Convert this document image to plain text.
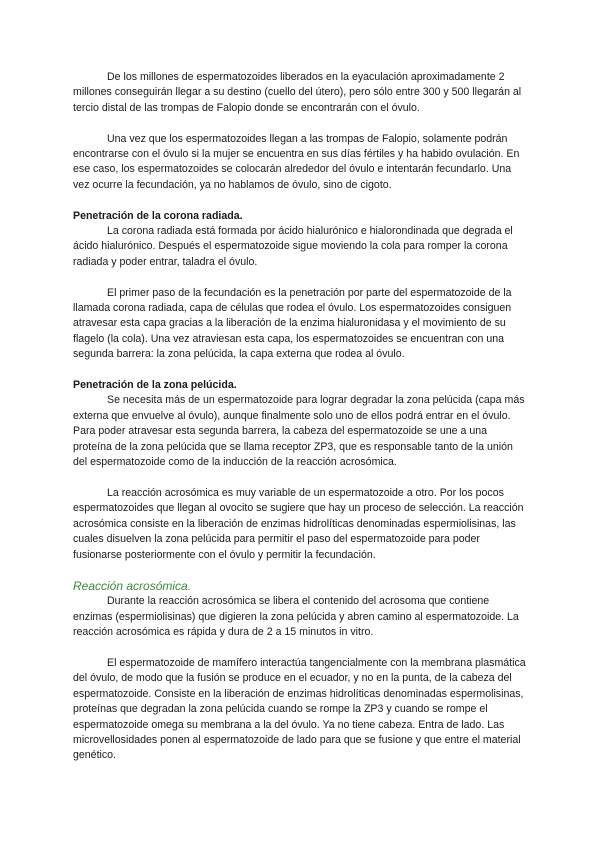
De los millones de espermatozoides liberados en la eyaculación aproximadamente 2 millones conseguirán llegar a su destino (cuello del útero), pero sólo entre 300 y 500 llegarán al tercio distal de las trompas de Falopio donde se encontrarán con el óvulo.

Una vez que los espermatozoides llegan a las trompas de Falopio, solamente podrán encontrarse con el óvulo si la mujer se encuentra en sus días fértiles y ha habido ovulación. En ese caso, los espermatozoides se colocarán alrededor del óvulo e intentarán fecundarlo. Una vez ocurre la fecundación, ya no hablamos de óvulo, sino de cigoto.

Penetración de la corona radiada.

La corona radiada está formada por ácido hialurónico e hialorondinada que degrada el ácido hialurónico. Después el espermatozoide sigue moviendo la cola para romper la corona radiada y poder entrar, taladra el óvulo.

El primer paso de la fecundación es la penetración por parte del espermatozoide de la llamada corona radiada, capa de células que rodea el óvulo. Los espermatozoides consiguen atravesar esta capa gracias a la liberación de la enzima hialuronidasa y el movimiento de su flagelo (la cola). Una vez atraviesan esta capa, los espermatozoides se encuentran con una segunda barrera: la zona pelúcida, la capa externa que rodea al óvulo.

Penetración de la zona pelúcida.

Se necesita más de un espermatozoide para lograr degradar la zona pelúcida (capa más externa que envuelve al óvulo), aunque finalmente solo uno de ellos podrá entrar en el óvulo. Para poder atravesar esta segunda barrera, la cabeza del espermatozoide se une a una proteína de la zona pelúcida que se llama receptor ZP3, que es responsable tanto de la unión del espermatozoide como de la inducción de la reacción acrosómica.

La reacción acrosómica es muy variable de un espermatozoide a otro. Por los pocos espermatozoides que llegan al ovocito se sugiere que hay un proceso de selección. La reacción acrosómica consiste en la liberación de enzimas hidrolíticas denominadas espermiolisinas, las cuales disuelven la zona pelúcida para permitir el paso del espermatozoide para poder fusionarse posteriormente con el óvulo y permitir la fecundación.

Reacción acrosómica.

Durante la reacción acrosómica se libera el contenido del acrosoma que contiene enzimas (espermiolisinas) que digieren la zona pelúcida y abren camino al espermatozoide. La reacción acrosómica es rápida y dura de 2 a 15 minutos in vitro.

El espermatozoide de mamífero interactúa tangencialmente con la membrana plasmática del óvulo, de modo que la fusión se produce en el ecuador, y no en la punta, de la cabeza del espermatozoide. Consiste en la liberación de enzimas hidrolíticas denominadas espermolisinas, proteínas que degradan la zona pelúcida cuando se rompe la ZP3 y cuando se rompe el espermatozoide omega su membrana a la del óvulo. Ya no tiene cabeza. Entra de lado. Las microvellosidades ponen al espermatozoide de lado para que se fusione y que entre el material genético.
